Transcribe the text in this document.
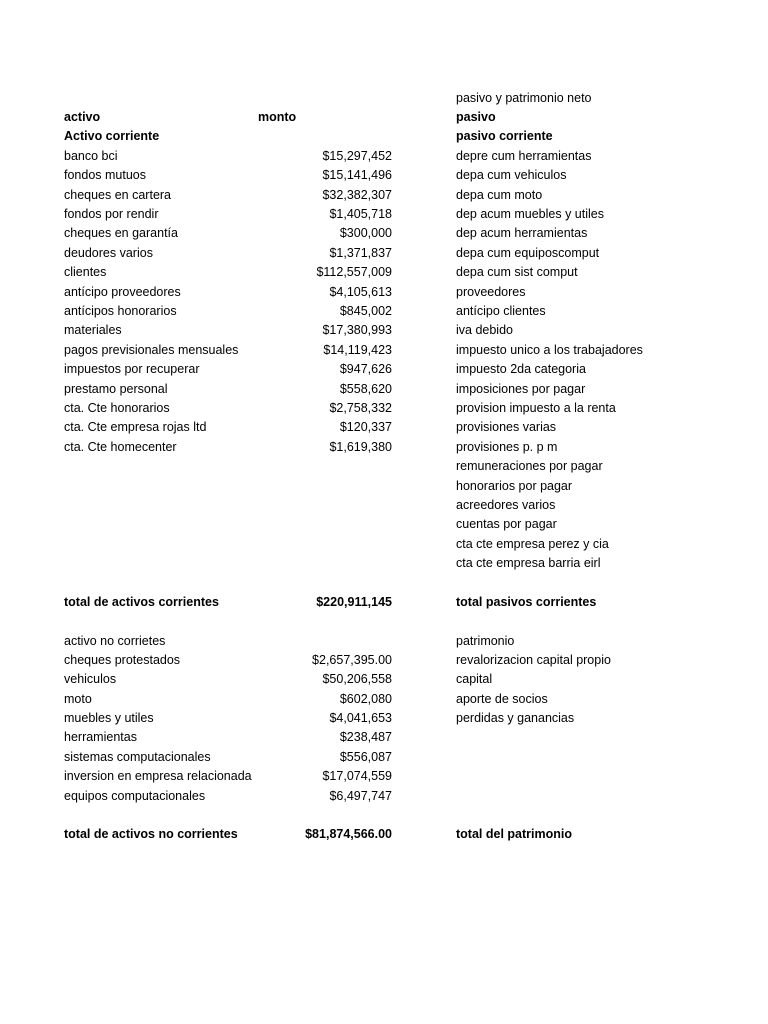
activo	monto
Activo corriente
banco bci	$15,297,452
fondos mutuos	$15,141,496
cheques en cartera	$32,382,307
fondos por rendir	$1,405,718
cheques en garantía	$300,000
deudores varios	$1,371,837
clientes	$112,557,009
antícipo proveedores	$4,105,613
antícipos honorarios	$845,002
materiales	$17,380,993
pagos previsionales mensuales	$14,119,423
impuestos por recuperar	$947,626
prestamo personal	$558,620
cta. Cte honorarios	$2,758,332
cta. Cte empresa rojas ltd	$120,337
cta. Cte homecenter	$1,619,380
total de activos corrientes	$220,911,145
activo no corrietes
cheques protestados	$2,657,395.00
vehiculos	$50,206,558
moto	$602,080
muebles y utiles	$4,041,653
herramientas	$238,487
sistemas computacionales	$556,087
inversion en empresa relacionada	$17,074,559
equipos computacionales	$6,497,747
total de activos no corrientes	$81,874,566.00
pasivo y patrimonio neto
pasivo
pasivo corriente
depre cum herramientas
depa cum vehiculos
depa cum moto
dep acum muebles y utiles
dep acum herramientas
depa cum equiposcomput
depa cum sist comput
proveedores
antícipo clientes
iva debido
impuesto unico a los trabajadores
impuesto 2da categoria
imposiciones por pagar
provision impuesto a la renta
provisiones varias
provisiones p. p m
remuneraciones por pagar
honorarios por pagar
acreedores varios
cuentas por pagar
cta cte empresa perez y cia
cta cte empresa barria eirl
total pasivos corrientes
patrimonio
revalorizacion capital propio
capital
aporte de socios
perdidas y ganancias
total del patrimonio
